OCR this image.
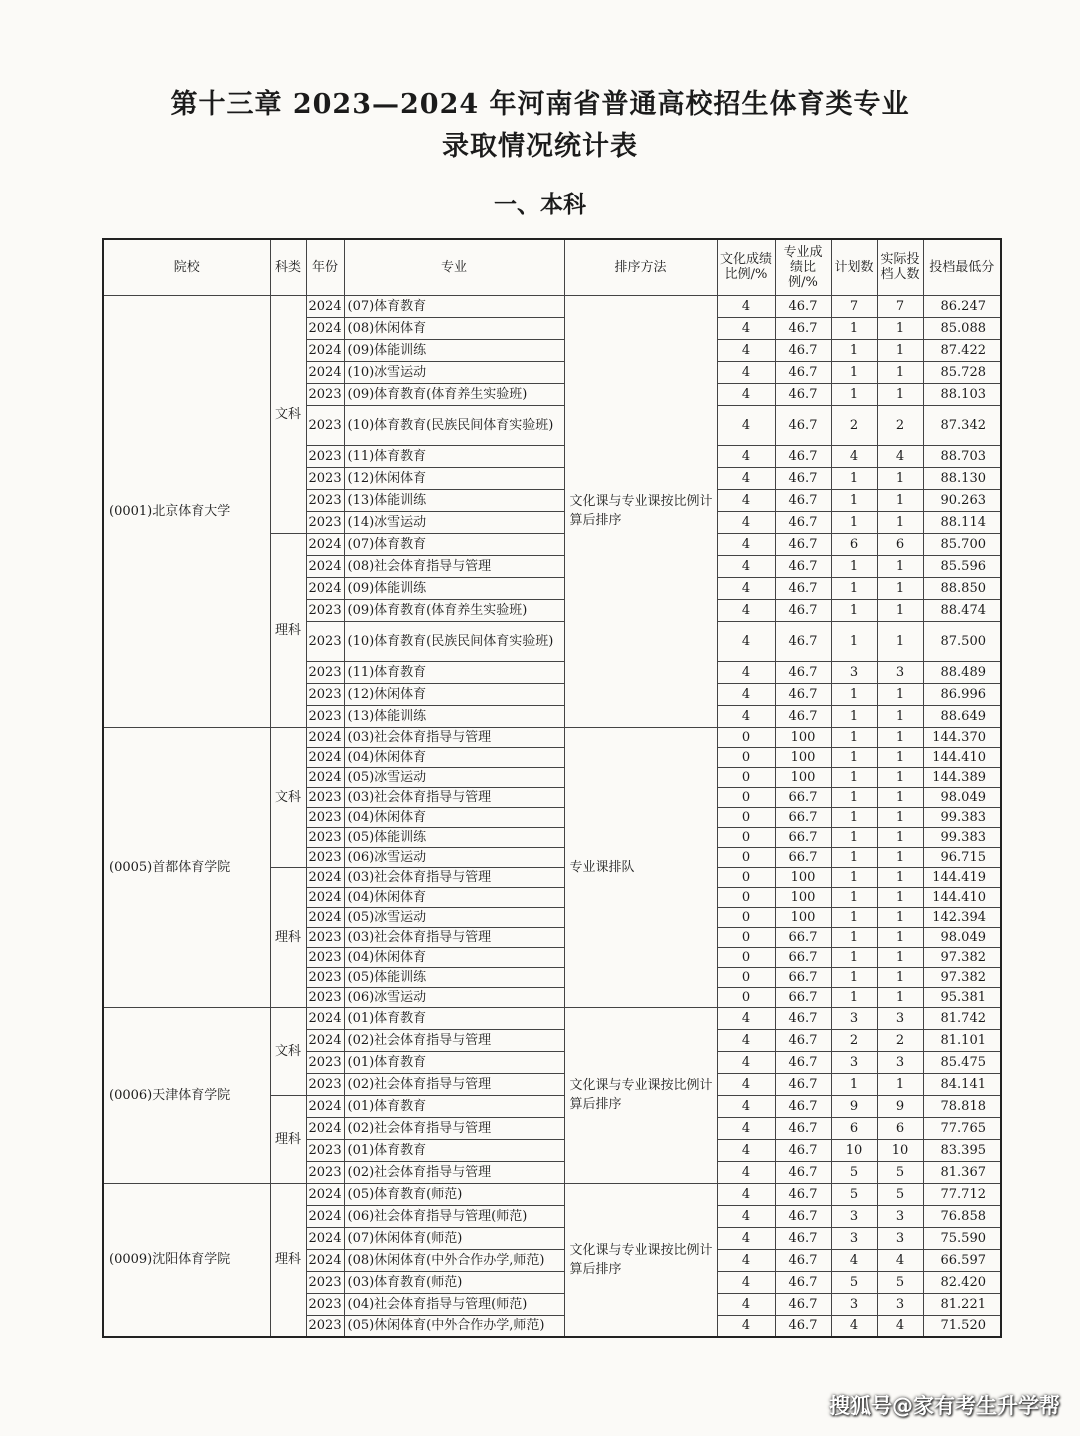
第十三章 2023—2024 年河南省普通高校招生体育类专业
录取情况统计表
一、本科
院校	科类	年份	专业	排序方法	文化成绩比例/%	专业成绩比例/%	计划数	实际投档人数	投档最低分
(0001)北京体育大学	文科	2024	(07)体育教育	文化课与专业课按比例计算后排序	4	46.7	7	7	86.247
		2024	(08)休闲体育		4	46.7	1	1	85.088
		2024	(09)体能训练		4	46.7	1	1	87.422
		2024	(10)冰雪运动		4	46.7	1	1	85.728
		2023	(09)体育教育(体育养生实验班)		4	46.7	1	1	88.103
		2023	(10)体育教育(民族民间体育实验班)		4	46.7	2	2	87.342
		2023	(11)体育教育		4	46.7	4	4	88.703
		2023	(12)休闲体育		4	46.7	1	1	88.130
		2023	(13)体能训练		4	46.7	1	1	90.263
		2023	(14)冰雪运动		4	46.7	1	1	88.114
	理科	2024	(07)体育教育		4	46.7	6	6	85.700
		2024	(08)社会体育指导与管理		4	46.7	1	1	85.596
		2024	(09)体能训练		4	46.7	1	1	88.850
		2023	(09)体育教育(体育养生实验班)		4	46.7	1	1	88.474
		2023	(10)体育教育(民族民间体育实验班)		4	46.7	1	1	87.500
		2023	(11)体育教育		4	46.7	3	3	88.489
		2023	(12)休闲体育		4	46.7	1	1	86.996
		2023	(13)体能训练		4	46.7	1	1	88.649
(0005)首都体育学院	文科	2024	(03)社会体育指导与管理	专业课排队	0	100	1	1	144.370
		2024	(04)休闲体育		0	100	1	1	144.410
		2024	(05)冰雪运动		0	100	1	1	144.389
		2023	(03)社会体育指导与管理		0	66.7	1	1	98.049
		2023	(04)休闲体育		0	66.7	1	1	99.383
		2023	(05)体能训练		0	66.7	1	1	99.383
		2023	(06)冰雪运动		0	66.7	1	1	96.715
	理科	2024	(03)社会体育指导与管理		0	100	1	1	144.419
		2024	(04)休闲体育		0	100	1	1	144.410
		2024	(05)冰雪运动		0	100	1	1	142.394
		2023	(03)社会体育指导与管理		0	66.7	1	1	98.049
		2023	(04)休闲体育		0	66.7	1	1	97.382
		2023	(05)体能训练		0	66.7	1	1	97.382
		2023	(06)冰雪运动		0	66.7	1	1	95.381
(0006)天津体育学院	文科	2024	(01)体育教育	文化课与专业课按比例计算后排序	4	46.7	3	3	81.742
		2024	(02)社会体育指导与管理		4	46.7	2	2	81.101
		2023	(01)体育教育		4	46.7	3	3	85.475
		2023	(02)社会体育指导与管理		4	46.7	1	1	84.141
	理科	2024	(01)体育教育		4	46.7	9	9	78.818
		2024	(02)社会体育指导与管理		4	46.7	6	6	77.765
		2023	(01)体育教育		4	46.7	10	10	83.395
		2023	(02)社会体育指导与管理		4	46.7	5	5	81.367
(0009)沈阳体育学院	理科	2024	(05)体育教育(师范)	文化课与专业课按比例计算后排序	4	46.7	5	5	77.712
		2024	(06)社会体育指导与管理(师范)		4	46.7	3	3	76.858
		2024	(07)休闲体育(师范)		4	46.7	3	3	75.590
		2024	(08)休闲体育(中外合作办学,师范)		4	46.7	4	4	66.597
		2023	(03)体育教育(师范)		4	46.7	5	5	82.420
		2023	(04)社会体育指导与管理(师范)		4	46.7	3	3	81.221
		2023	(05)休闲体育(中外合作办学,师范)		4	46.7	4	4	71.520
搜狐号@家有考生升学帮
